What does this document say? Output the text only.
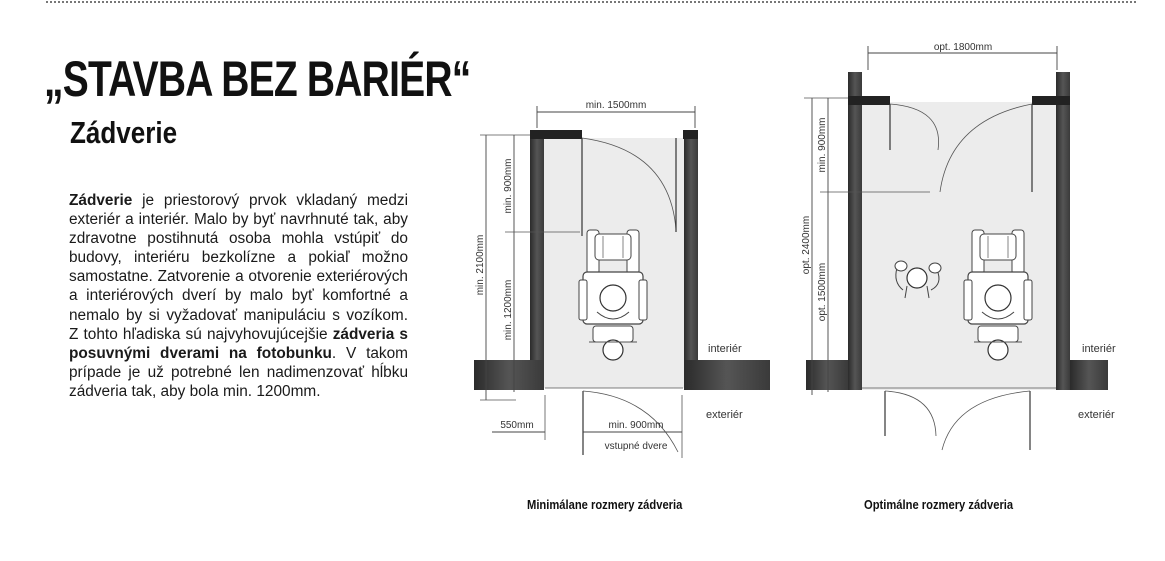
„STAVBA BEZ BARIÉR“
Zádverie

Zádverie je priestorový prvok vkladaný medzi exteriér a interiér. Malo by byť navrhnuté tak, aby zdravotne postihnutá osoba mohla vstúpiť do budovy, interiéru bezkolízne a pokiaľ možno samostatne. Zatvorenie a otvorenie exteriérových a interiérových dverí by malo byť komfortné a nemalo by si vyžadovať manipuláciu s vozíkom. Z tohto hľadiska sú najvyhovujúcejšie zádveria s posuvnými dverami na fotobunku. V takom prípade je už potrebné len nadimenzovať hĺbku zádveria tak, aby bola min. 1200mm.

min. 1500mm
min. 2100mm
min. 900mm
min. 1200mm
550mm	min. 900mm
vstupné dvere
interiér
exteriér
opt. 1800mm
opt. 2400mm
min. 900mm
opt. 1500mm
interiér
exteriér

Minimálane rozmery zádveria	Optimálne rozmery zádveria
